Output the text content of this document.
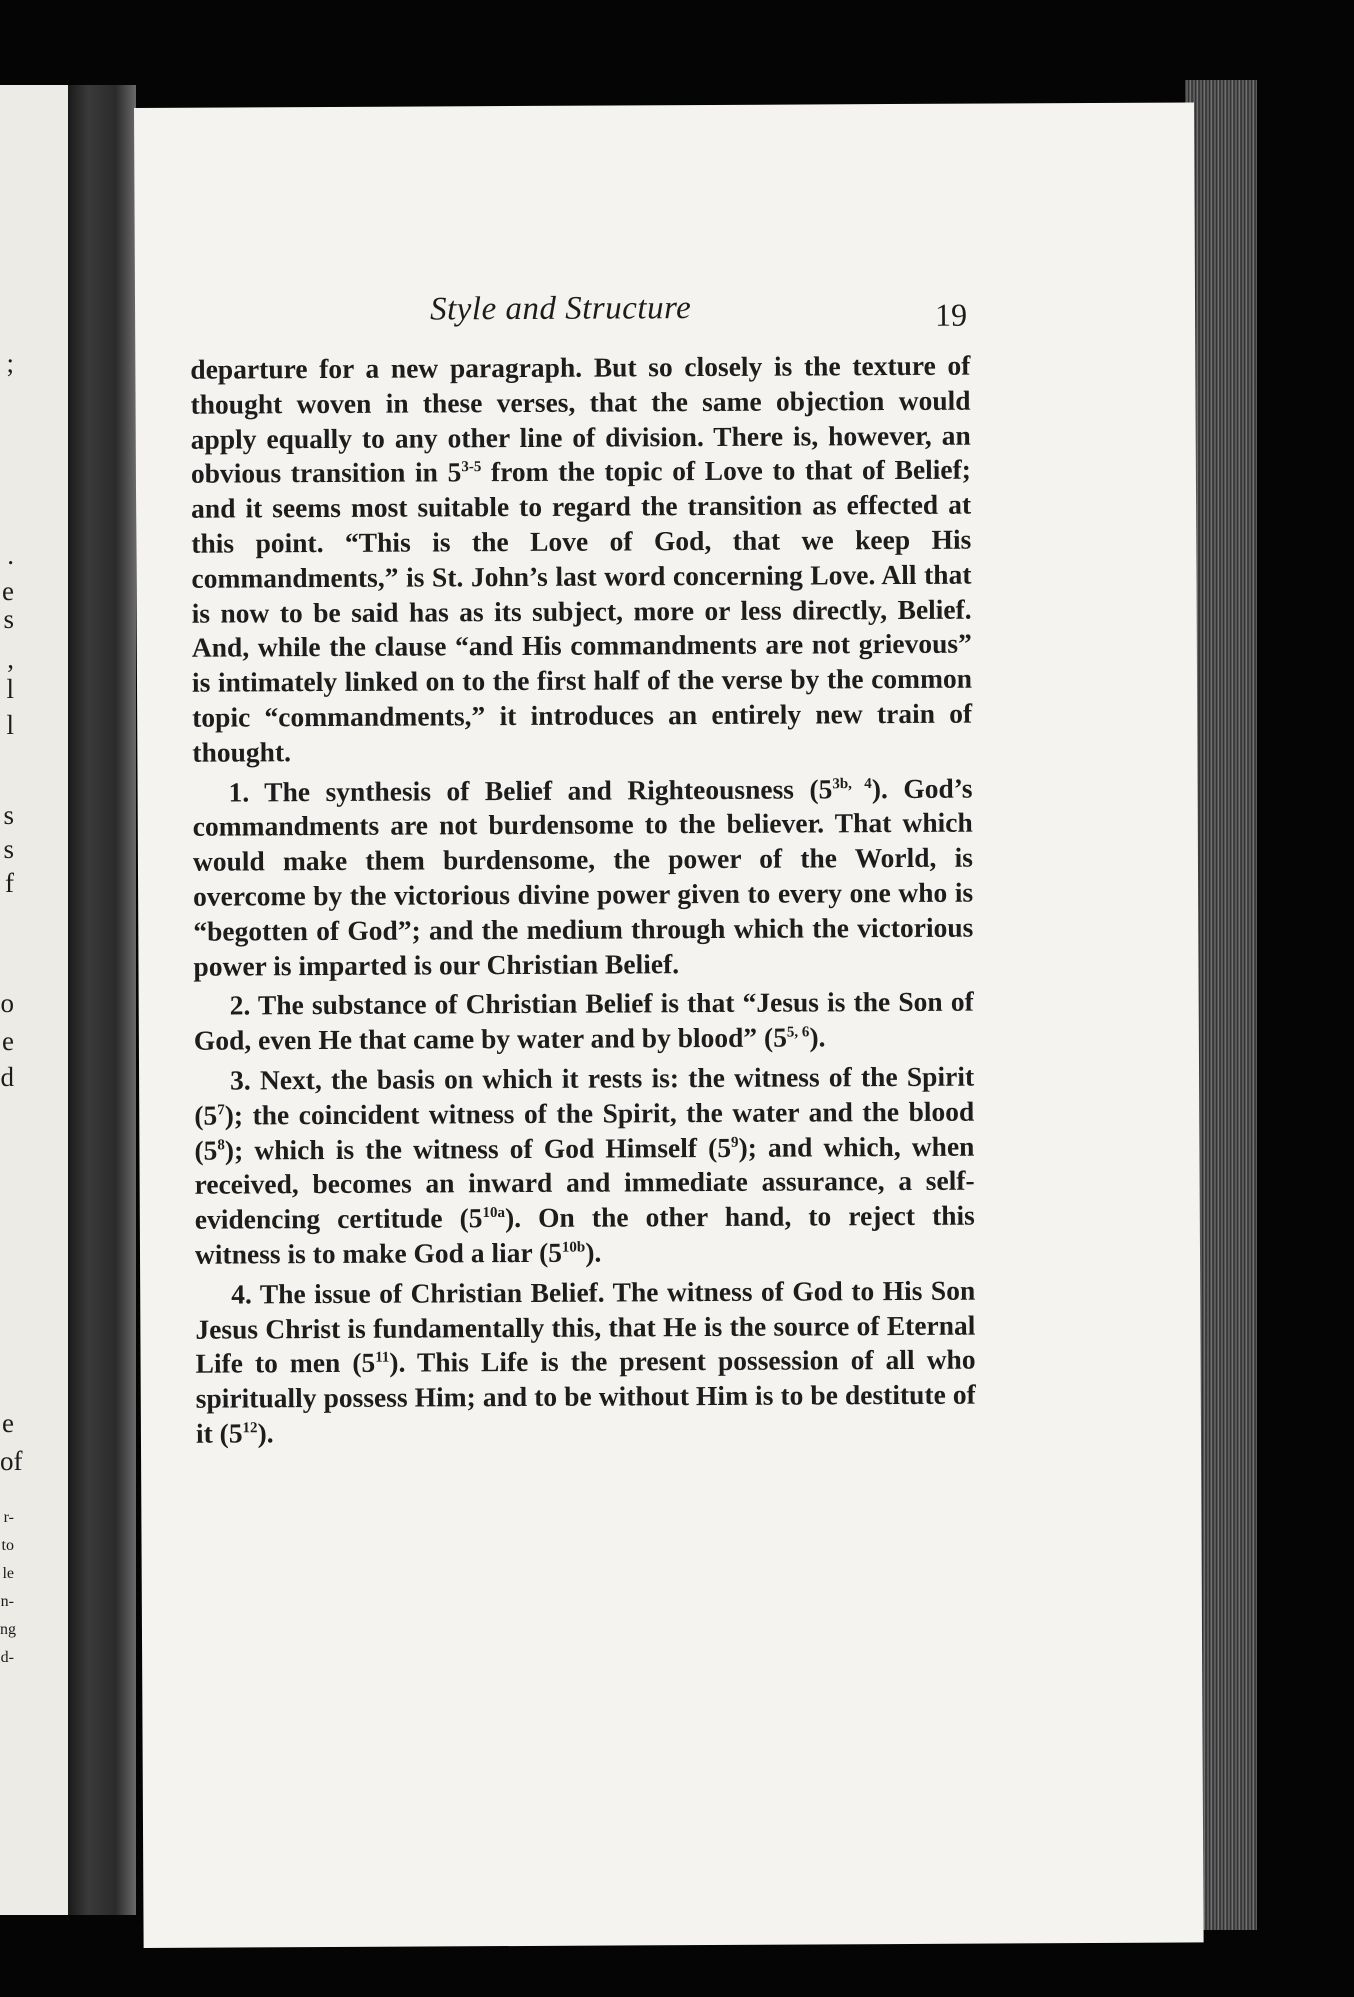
;
.
e
s
,
l
l
s
s
f
o
e
d
e
of
r-
to
le
n-
ng
d-
Style and Structure	19

departure for a new paragraph. But so closely is the texture of thought woven in these verses, that the same objection would apply equally to any other line of division. There is, however, an obvious transition in 5$^{3-5}$ from the topic of Love to that of Belief; and it seems most suitable to regard the transition as effected at this point. “This is the Love of God, that we keep His commandments,” is St. John’s last word concerning Love. All that is now to be said has as its subject, more or less directly, Belief. And, while the clause “and His commandments are not grievous” is intimately linked on to the first half of the verse by the common topic “commandments,” it introduces an entirely new train of thought.

1. The synthesis of Belief and Righteousness $(5^{3b, 4})$. God’s commandments are not burdensome to the believer. That which would make them burdensome, the power of the World, is overcome by the victorious divine power given to every one who is “begotten of God”; and the medium through which the victorious power is imparted is our Christian Belief.

2. The substance of Christian Belief is that “Jesus is the Son of God, even He that came by water and by blood” (5$^{5, 6}$).

3. Next, the basis on which it rests is: the witness of the Spirit $(5^7)$; the coincident witness of the Spirit, the water and the blood $(5^8)$; which is the witness of God Himself $(5^9)$; and which, when received, becomes an inward and immediate assurance, a self-evidencing certitude $(5^{10a})$. On the other hand, to reject this witness is to make God a liar $(5^{10b})$.

4. The issue of Christian Belief. The witness of God to His Son Jesus Christ is fundamentally this, that He is the source of Eternal Life to men $(5^{11})$. This Life is the present possession of all who spiritually possess Him; and to be without Him is to be destitute of it $(5^{12})$.
